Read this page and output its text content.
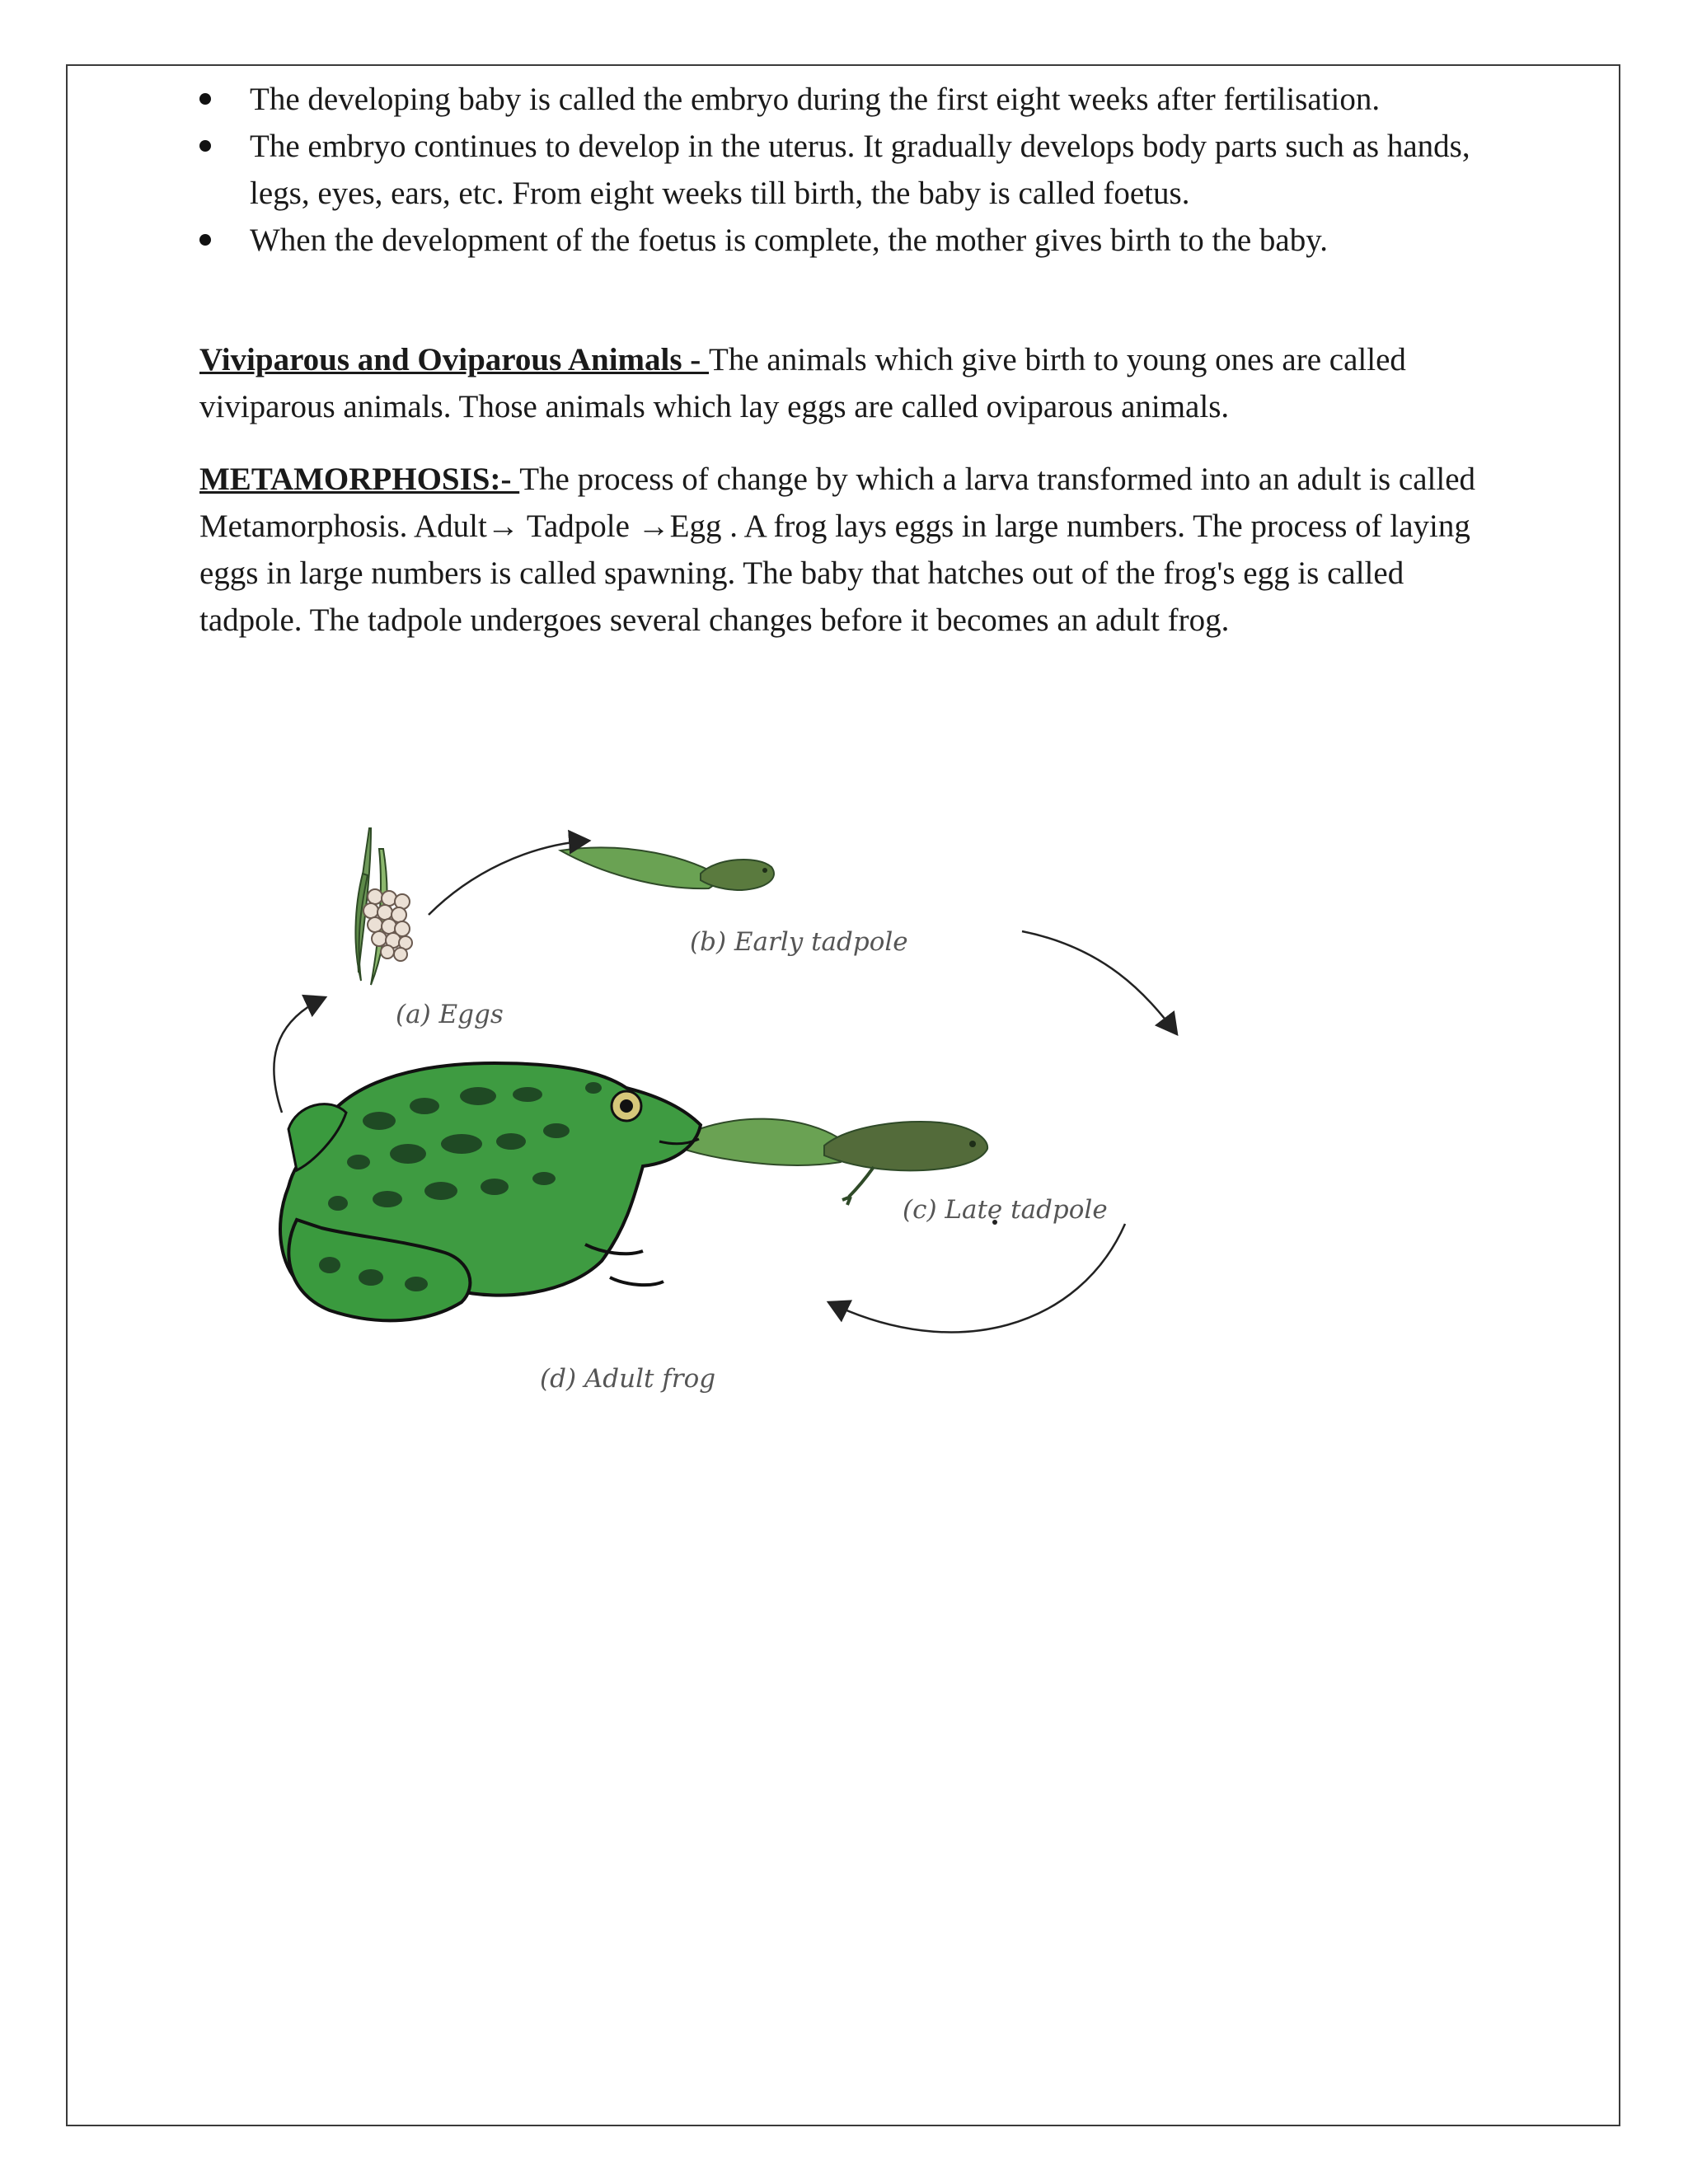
The developing baby is called the embryo during the first eight weeks after fertilisation.
The embryo continues to develop in the uterus. It gradually develops body parts such as hands, legs, eyes, ears, etc. From eight weeks till birth, the baby is called foetus.
When the development of the foetus is complete, the mother gives birth to the baby.

Viviparous and Oviparous Animals - The animals which give birth to young ones are called viviparous animals. Those animals which lay eggs are called oviparous animals.

METAMORPHOSIS:- The process of change by which a larva transformed into an adult is called Metamorphosis. Adult→ Tadpole →Egg . A frog lays eggs in large numbers. The process of laying eggs in large numbers is called spawning. The baby that hatches out of the frog's egg is called tadpole. The tadpole undergoes several changes before it becomes an adult frog.

(a) Eggs
(b) Early tadpole
(c) Late tadpole
(d) Adult frog
